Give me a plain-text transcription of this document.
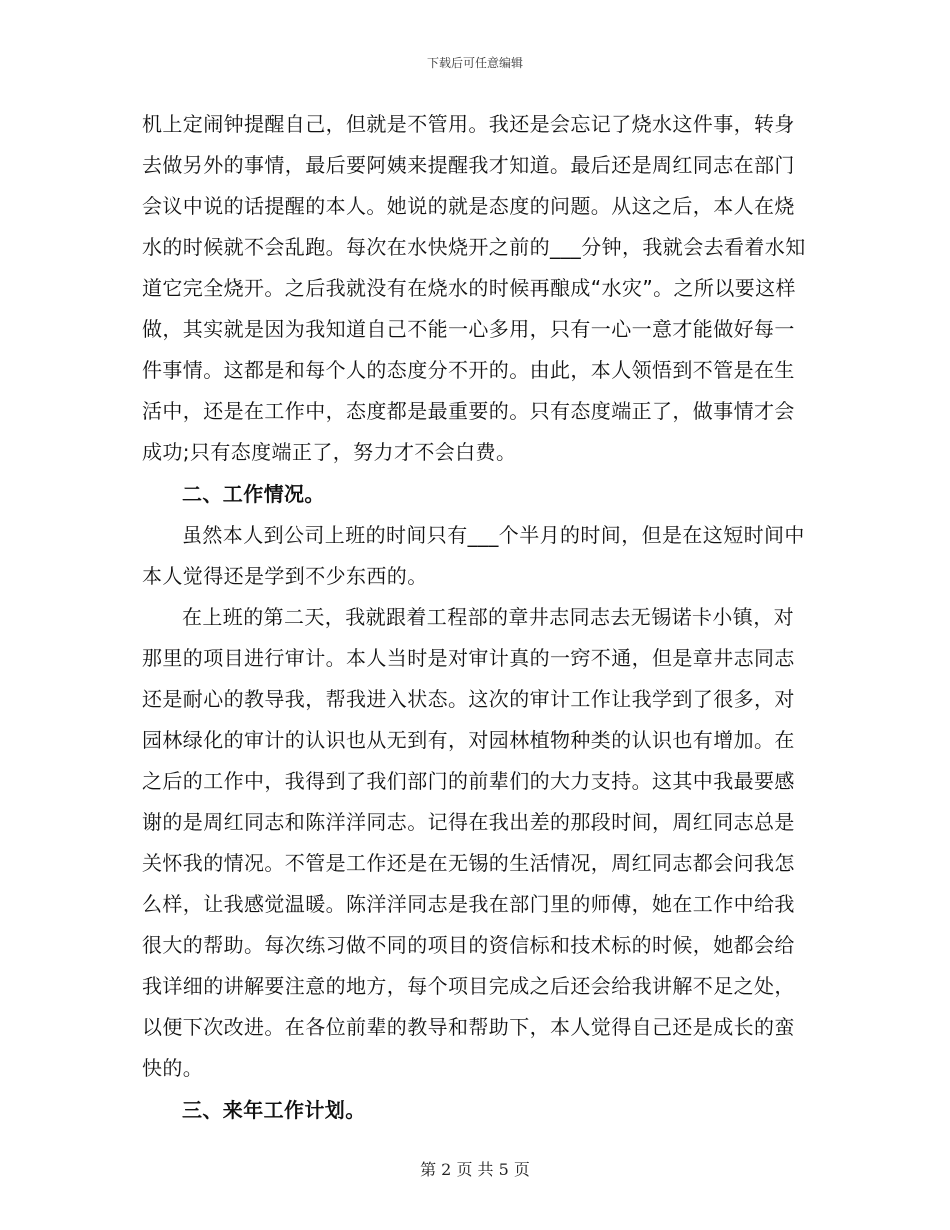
下载后可任意编辑

机上定闹钟提醒自己，但就是不管用。我还是会忘记了烧水这件事，转身去做另外的事情，最后要阿姨来提醒我才知道。最后还是周红同志在部门会议中说的话提醒的本人。她说的就是态度的问题。从这之后，本人在烧水的时候就不会乱跑。每次在水快烧开之前的___分钟，我就会去看着水知道它完全烧开。之后我就没有在烧水的时候再酿成“水灾”。之所以要这样做，其实就是因为我知道自己不能一心多用，只有一心一意才能做好每一件事情。这都是和每个人的态度分不开的。由此，本人领悟到不管是在生活中，还是在工作中，态度都是最重要的。只有态度端正了，做事情才会成功;只有态度端正了，努力才不会白费。

二、工作情况。

虽然本人到公司上班的时间只有___个半月的时间，但是在这短时间中本人觉得还是学到不少东西的。

在上班的第二天，我就跟着工程部的章井志同志去无锡诺卡小镇，对那里的项目进行审计。本人当时是对审计真的一窍不通，但是章井志同志还是耐心的教导我，帮我进入状态。这次的审计工作让我学到了很多，对园林绿化的审计的认识也从无到有，对园林植物种类的认识也有增加。在之后的工作中，我得到了我们部门的前辈们的大力支持。这其中我最要感谢的是周红同志和陈洋洋同志。记得在我出差的那段时间，周红同志总是关怀我的情况。不管是工作还是在无锡的生活情况，周红同志都会问我怎么样，让我感觉温暖。陈洋洋同志是我在部门里的师傅，她在工作中给我很大的帮助。每次练习做不同的项目的资信标和技术标的时候，她都会给我详细的讲解要注意的地方，每个项目完成之后还会给我讲解不足之处，以便下次改进。在各位前辈的教导和帮助下，本人觉得自己还是成长的蛮快的。

三、来年工作计划。

第 2 页 共 5 页
